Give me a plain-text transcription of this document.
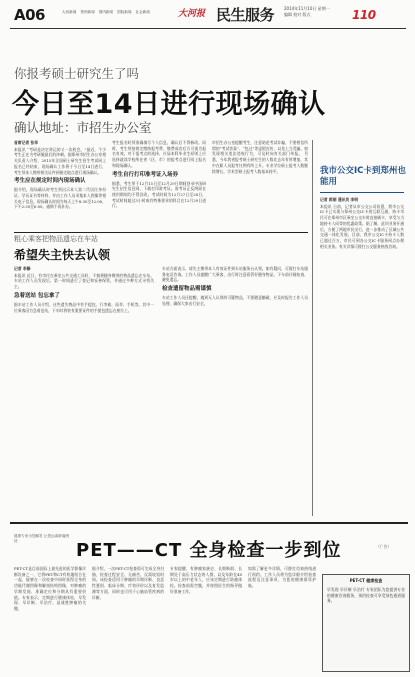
A06	大河新闻 郑州新闻 国内新闻 国际新闻 社会新闻	大河报 民生服务 2014年11月10日 星期一
编辑 校对 版式	110
你报考硕士研究生了吗
今日至14日进行现场确认
确认地址：市招生办公室
首席记者 张华
本报讯 “考研是决定命运的又一次机会。”最近，不少考生正在为考研做最后的冲刺。据郑州市招生办公室相关负责人介绍，2015年全国硕士研究生招生考试网上报名已经结束，现场确认工作将于今日至14日进行，考生须本人携带相关证件到指定地点进行现场确认。
考生应在规定时间内现场确认
据介绍，现场确认时考生须出示本人第二代居民身份证、学历证书等材料，并由工作人员采集本人图像等相关电子信息。现场确认时间为每天上午8:30至12:00，下午2:30至6:00。逾期不再补办。
考生报名时须准确填写个人信息，确认后不得修改。同时，考生须按规定缴纳报考费，缴费成功后方可视为报名有效。对于报考点的选择，应届本科毕业生原则上应选择就读学校所在省（区、市）的报考点进行网上报名和现场确认。
考生自行打印准考证入场券
据悉，考生须于12月15日至12月29日期间登录中国研究生招生信息网，下载打印准考证。准考证正反两面在使用期间均不得涂改。考试时间为12月27日至28日，考试时间超过3小时或有特殊要求的科目在12月29日进行。
市招生办公室提醒考生，注意防范考试诈骗，不要相信所谓的“考试答案”、“包过”等虚假宣传，以免上当受骗。如发现相关违法违规行为，可及时向有关部门举报。 另悉，今年我省报考硕士研究生的人数比去年有所增加，其中在职人员报考比例有所上升。专业学位硕士报考人数继续增长，学术型硕士报考人数基本持平。	我市公交IC卡到郑州也能用
记者 郭丽 通讯员 李明
本报讯 日前，记者从市公交公司获悉，我市公交IC卡已实现与郑州公交IC卡的互联互通，持卡市民可在郑州市区乘坐公交车时直接刷卡，享受与当地持卡人同等的优惠政策。据了解，此项业务开通后，方便了两地市民出行，进一步推动了区域公共交通一体化发展。目前，我市公交IC卡持卡人数已超过百万，市民可到各公交IC卡服务网点办理相关业务。有关详情可拨打公交服务热线咨询。
粗心乘客把物品遗忘在车站
希望失主快去认领
记者 李静
本报讯 近日，有市民在乘坐公共交通工具时，不慎将随身携带的物品遗忘在车站。车站工作人员发现后，第一时间进行了登记和妥善保管，并通过多种方式寻找失主。
急着送站 包忘拿了
据车站工作人员介绍，这些遗失物品中有手提包、行李箱、雨伞、手机等。其中一位乘客因为急着送站，下车时将装有重要证件的手提包遗忘在座位上。
车站方面表示，请失主携带本人有效证件到车站服务台认领。如有疑问，可拨打车站服务电话咨询。工作人员提醒广大乘客，出行时注意看管好随身物品，下车前仔细检查，避免遗忘。
检查遗留物品需谨慎
车站工作人员还提醒，遇到无人认领的可疑物品，不要随意触碰，应及时报告工作人员处理，确保大家出行安全。
健康专家为您解答 让您远离肿瘤困扰	PET——CT 全身检查一步到位	（广告）
PET-CT是目前国际上最先进的医学影像诊断设备之一，它将PET和CT有机地结合在一起，能够在一次检查中同时获得全身的功能代谢图像和解剖结构图像，对肿瘤的早期发现、准确定位和分期具有重要价值。专家表示，定期进行健康体检，早发现、早诊断、早治疗，是战胜肿瘤的关键。
据介绍，一次PET-CT检查即可完成全身扫描，检查过程安全、无痛苦，仅需较短时间。该检查适用于肿瘤的早期诊断、良恶性鉴别、临床分期、疗效评价以及复发监测等方面，同时也可用于心脑血管疾病的诊断。
专家提醒，有肿瘤家族史、长期吸烟、长期处于高压力状态的人群，以及年龄在40岁以上的中老年人，应该定期进行防癌体检。检查前需空腹，并按照医生的指导做好准备工作。
如需了解更多详情，可拨打咨询热线进行预约。工作人员将为您详细介绍检查流程及注意事项，为您的健康保驾护航。
PET-CT 健康检查
早发现 早诊断 早治疗 专家团队为您提供专业的健康咨询服务，预约检查可享受绿色通道服务。
